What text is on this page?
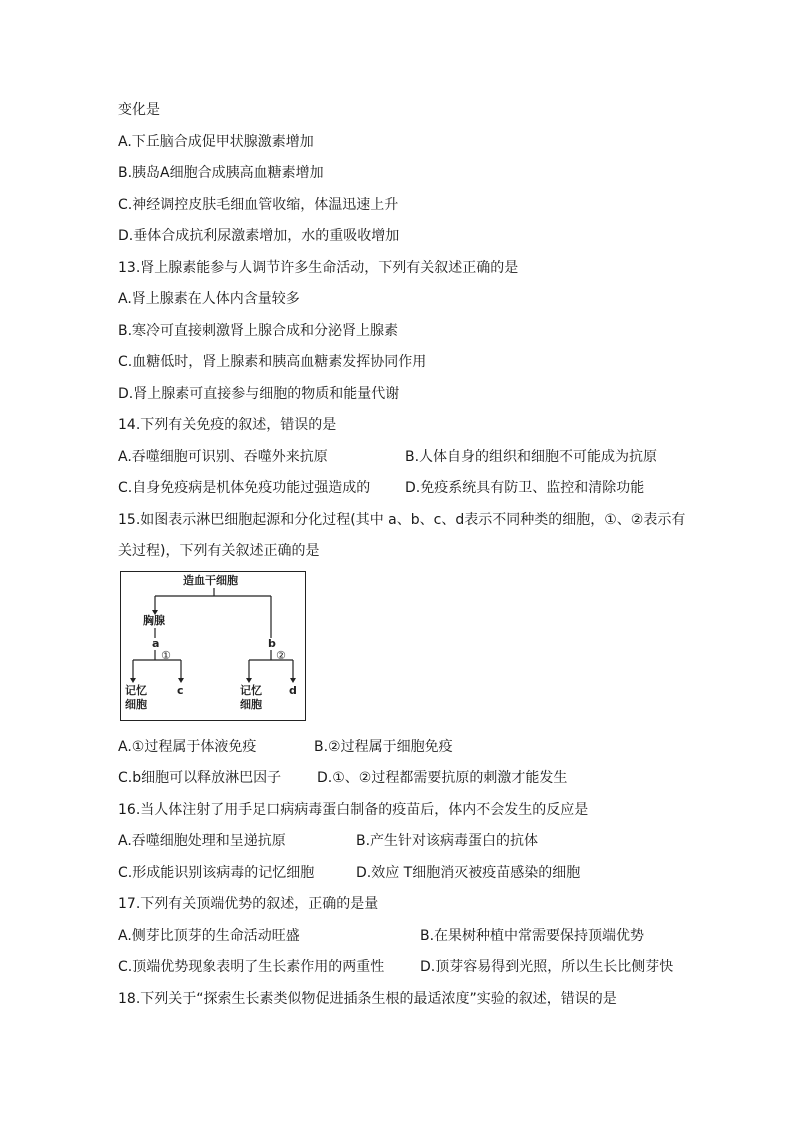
变化是
A.下丘脑合成促甲状腺激素增加
B.胰岛A细胞合成胰高血糖素增加
C.神经调控皮肤毛细血管收缩，体温迅速上升
D.垂体合成抗利尿激素增加，水的重吸收增加
13.肾上腺素能参与人调节许多生命活动，下列有关叙述正确的是
A.肾上腺素在人体内含量较多
B.寒冷可直接刺激肾上腺合成和分泌肾上腺素
C.血糖低时，肾上腺素和胰高血糖素发挥协同作用
D.肾上腺素可直接参与细胞的物质和能量代谢
14.下列有关免疫的叙述，错误的是
A.吞噬细胞可识别、吞噬外来抗原	B.人体自身的组织和细胞不可能成为抗原
C.自身免疫病是机体免疫功能过强造成的 D.免疫系统具有防卫、监控和清除功能
15.如图表示淋巴细胞起源和分化过程(其中 a、b、c、d表示不同种类的细胞，①、②表示有
关过程)，下列有关叙述正确的是
造血干细胞
胸腺
a
①
b
②
记忆
细胞
c	记忆
细胞
d
A.①过程属于体液免疫	B.②过程属于细胞免疫
C.b细胞可以释放淋巴因子	D.①、②过程都需要抗原的刺激才能发生
16.当人体注射了用手足口病病毒蛋白制备的疫苗后，体内不会发生的反应是
A.吞噬细胞处理和呈递抗原	B.产生针对该病毒蛋白的抗体
C.形成能识别该病毒的记忆细胞	D.效应 T细胞消灭被疫苗感染的细胞
17.下列有关顶端优势的叙述，正确的是量
A.侧芽比顶芽的生命活动旺盛	B.在果树种植中常需要保持顶端优势
C.顶端优势现象表明了生长素作用的两重性	D.顶芽容易得到光照，所以生长比侧芽快
18.下列关于“探索生长素类似物促进插条生根的最适浓度”实验的叙述，错误的是
